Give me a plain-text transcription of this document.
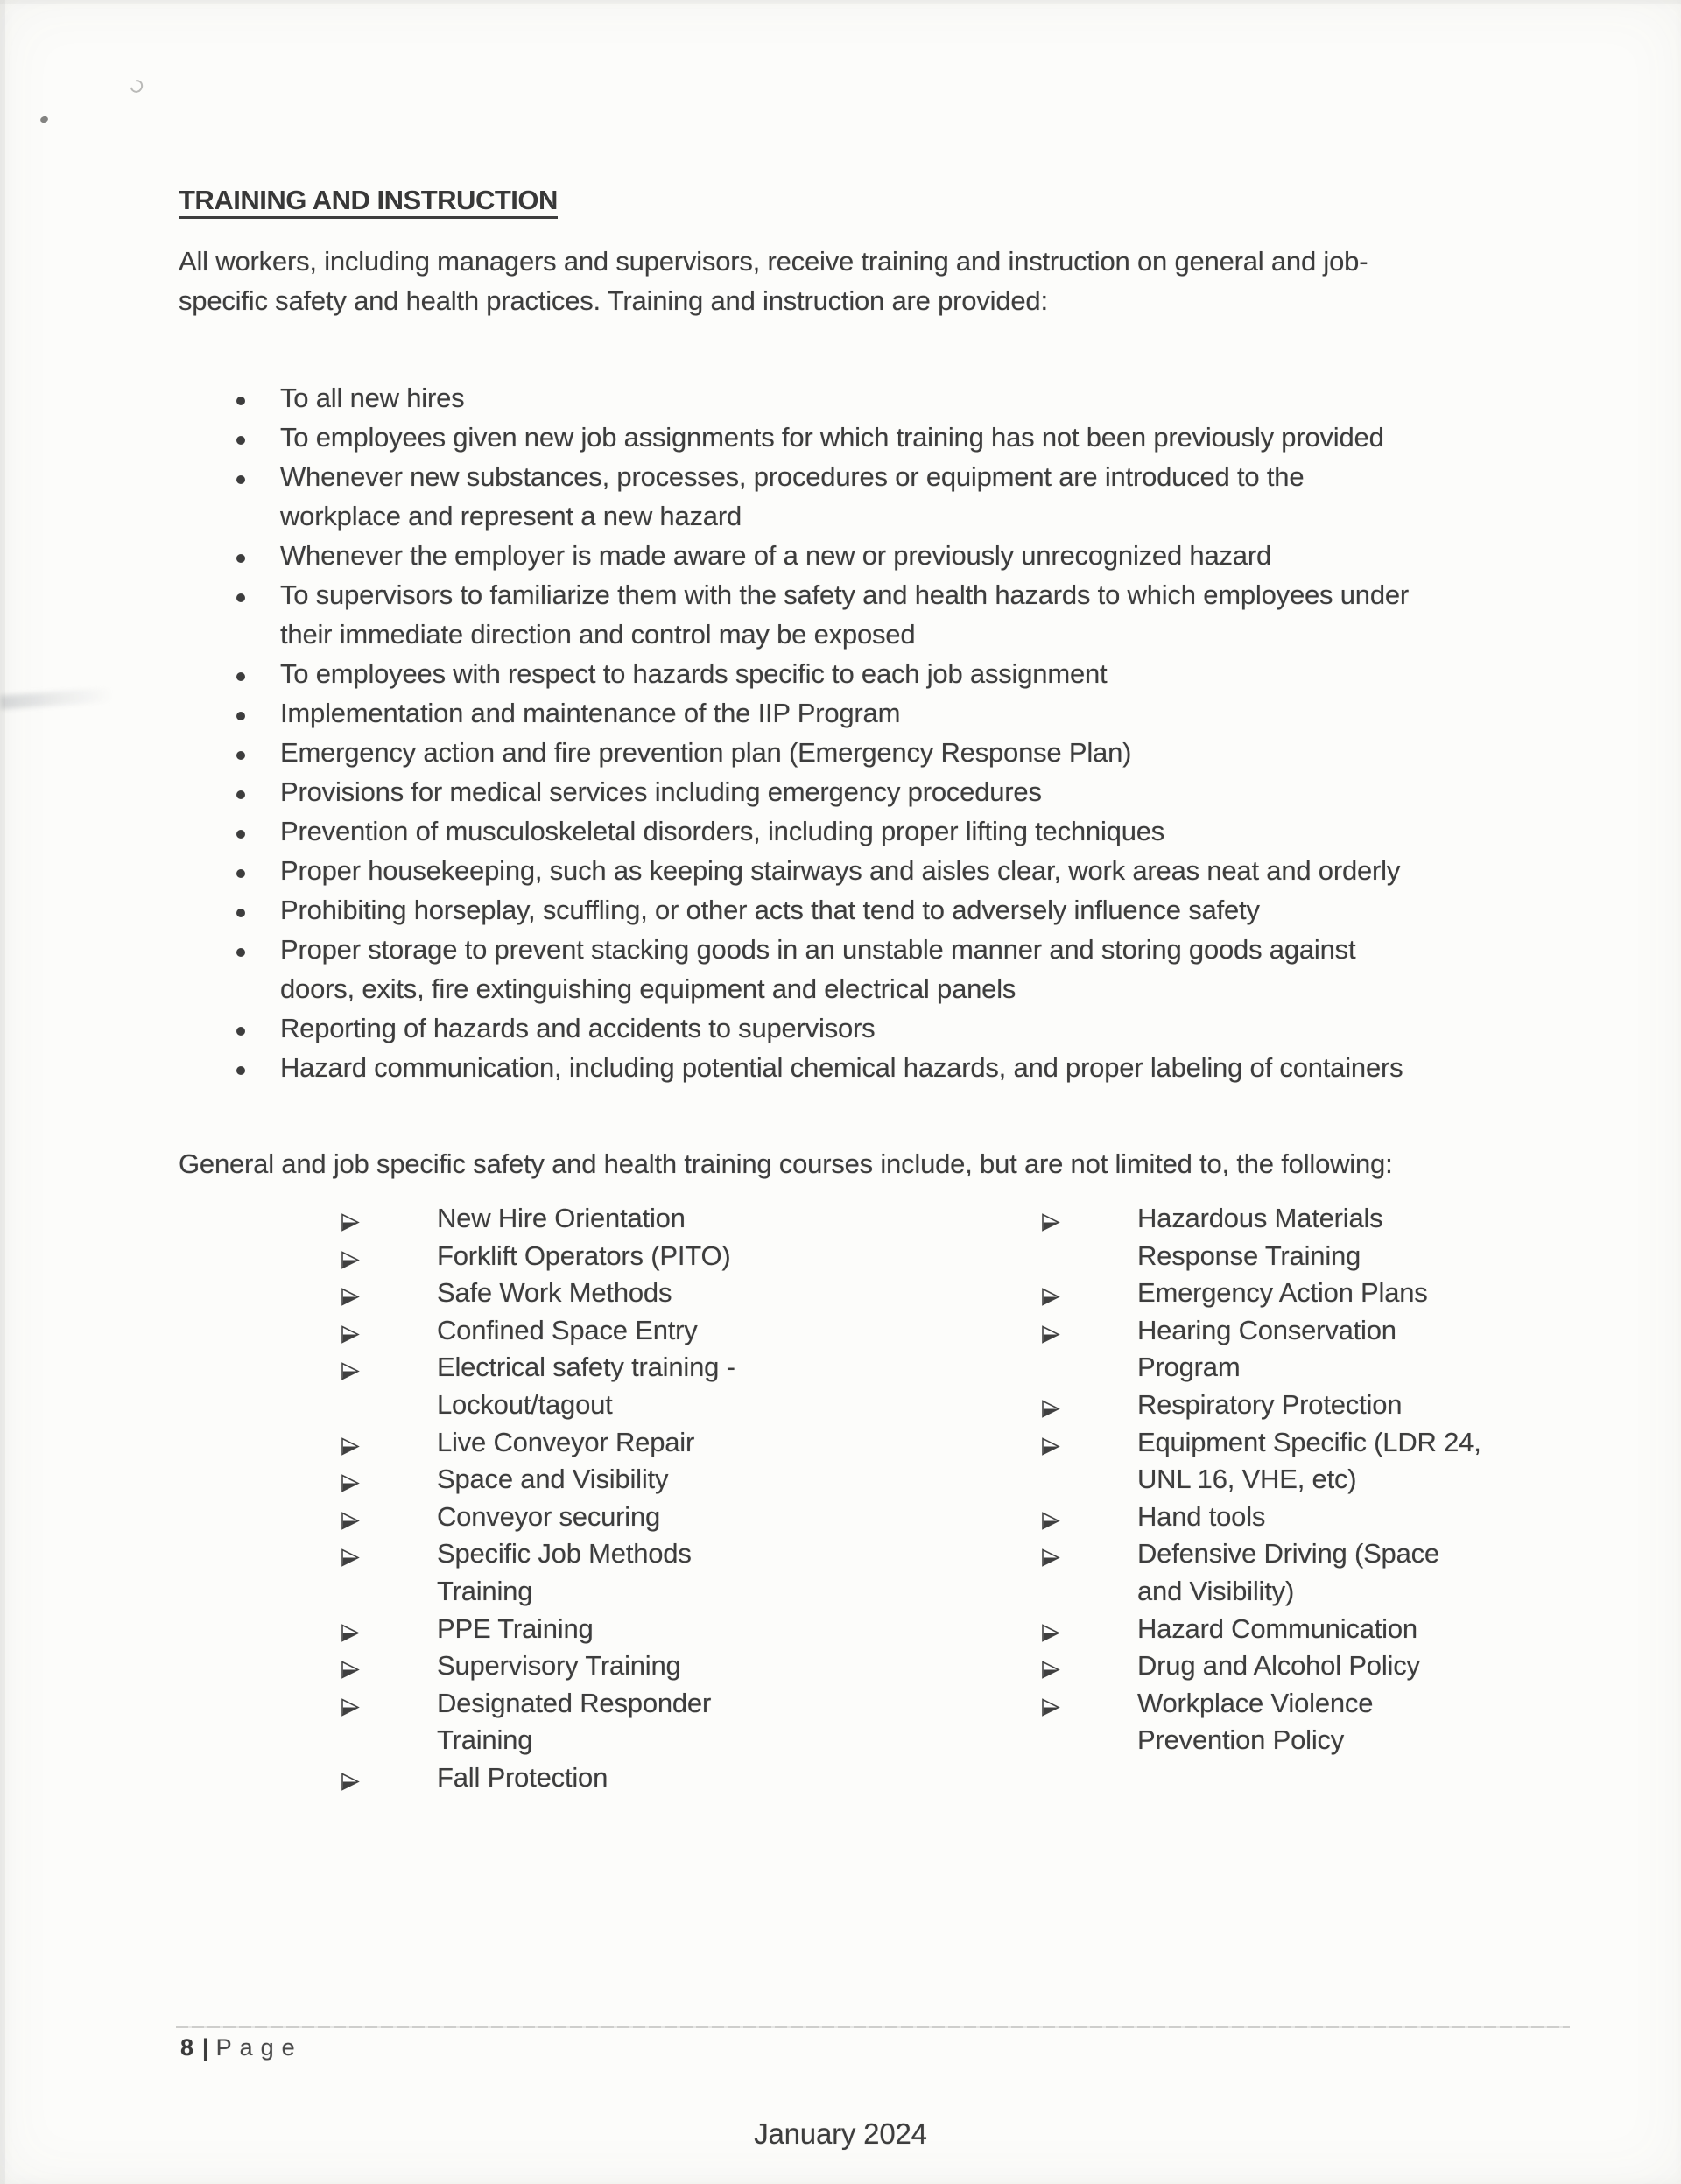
TRAINING AND INSTRUCTION
All workers, including managers and supervisors, receive training and instruction on general and job-
specific safety and health practices. Training and instruction are provided:
To all new hires
To employees given new job assignments for which training has not been previously provided
Whenever new substances, processes, procedures or equipment are introduced to the
workplace and represent a new hazard
Whenever the employer is made aware of a new or previously unrecognized hazard
To supervisors to familiarize them with the safety and health hazards to which employees under
their immediate direction and control may be exposed
To employees with respect to hazards specific to each job assignment
Implementation and maintenance of the IIP Program
Emergency action and fire prevention plan (Emergency Response Plan)
Provisions for medical services including emergency procedures
Prevention of musculoskeletal disorders, including proper lifting techniques
Proper housekeeping, such as keeping stairways and aisles clear, work areas neat and orderly
Prohibiting horseplay, scuffling, or other acts that tend to adversely influence safety
Proper storage to prevent stacking goods in an unstable manner and storing goods against
doors, exits, fire extinguishing equipment and electrical panels
Reporting of hazards and accidents to supervisors
Hazard communication, including potential chemical hazards, and proper labeling of containers
General and job specific safety and health training courses include, but are not limited to, the following:
New Hire Orientation
Forklift Operators (PITO)
Safe Work Methods
Confined Space Entry
Electrical safety training -
Lockout/tagout
Live Conveyor Repair
Space and Visibility
Conveyor securing
Specific Job Methods
Training
PPE Training
Supervisory Training
Designated Responder
Training
Fall Protection
Hazardous Materials
Response Training
Emergency Action Plans
Hearing Conservation
Program
Respiratory Protection
Equipment Specific (LDR 24,
UNL 16, VHE, etc)
Hand tools
Defensive Driving (Space
and Visibility)
Hazard Communication
Drug and Alcohol Policy
Workplace Violence
Prevention Policy
8 | Page
January 2024
